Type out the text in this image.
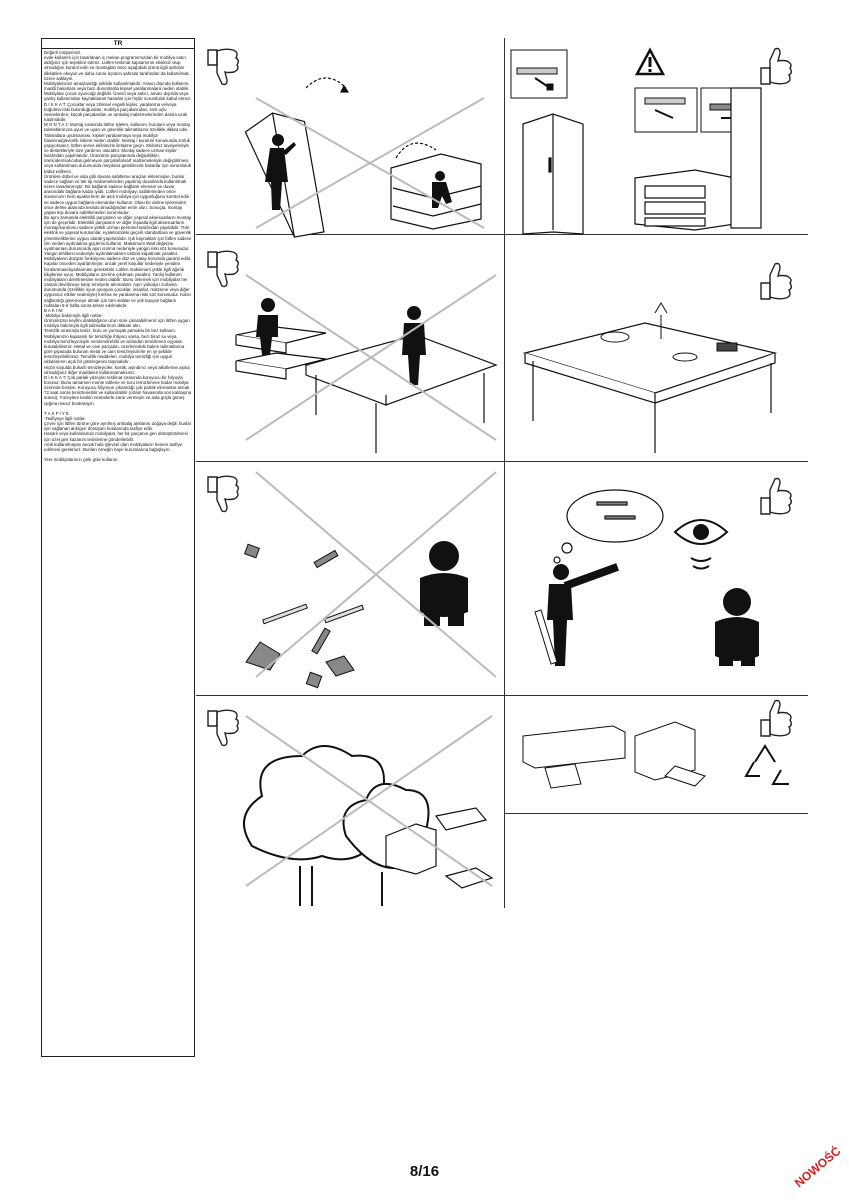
TR

Değerli müşterimiz,

evde kullanım için tasarlanan iç mekan programımızdan bir mobilya satın aldığınız için teşekkür ederiz. Lütfen teslimat kapsamının eksiksiz olup olmadığını kontrol edin ve montajdan önce aşağıdaki ürünü ilgili şahıslar dikkatlice okuyun ve daha sonra üçüncü şahıslar tarafından da kullanılmak üzere saklayın.

Mobilyalarımız amaçlandığı şekilde kullanılmalıdır. Amacı dışında kullanım, maddi hasarlara veya bazı durumlarda kişisel yaralanmalara neden olabilir. Mobilyalar çocuk oyuncağı değildir. Üretici veya satıcı, amacı dışında veya yanlış kullanımdan kaynaklanan hasarlar için hiçbir sorumluluk kabul etmez.

D İ K K A T: Çocuklar veya zihinsel engelli kişiler, yaralanma ve/veya boğulma riski bulunduğundan, mobilya parçalarından, sivri uçlu nesnelerden, küçük parçalardan ve ambalaj malzemelerinden daima uzak tutulmalıdır.

M O N T A J: Montaj sırasında lütfen işletim, kullanım, kurulum veya montaj talimatlarımıza uyun ve uyarı ve güvenlik talimatlarına özellikle dikkat edin. Talimatlara uyulmaması, kişisel yaralanmaya veya mobilya hasarına/güvenlik riskine neden olabilir. Montaj / kurulum konusunda zorluk yaşıyorsanız, lütfen servis ekibimizle iletişime geçin. Ekibimiz tavsiyeleriyle ve destekleriyle size yardımcı olacaktır. Montaj sadece uzman kişiler tarafından yapılmalıdır. Ürün/ürün parçalarında değişiklikler, üreticiden/satıcıdan gelmeyen parçalarla/sarf malzemeleriyle değiştirilmesi veya kullanılması durumunda meydana gelebilecek hasarlar için sorumluluk kabul edilmez.

Ürünlere dübel ve vida gibi duvara sabitleme araçları eklenmişse, bunlar sadece sağlam ve tek tip malzemelerden yapılmış duvarlarda kullanılmak üzere tasarlanmıştır. Bir bağlantı sadece bağlantı elemanı ve duvar arasındaki bağlantı kadar iyidir. Lütfen mobilyayı sabitlemeden önce duvarınızın hem ayakta hem de asılı mobilya için uygunluğunu kontrol edin ve sadece uygun bağlantı elemanları kullanın. Olası bir delme işleminden önce delme alanında tesisat olmadığından emin olun. Sonuçta, montajı yapan kişi duvara sabitlemeden sorumludur.

Bu aynı zamanda elektrikli parçaların ve diğer yapısal aksesuarların montajı için de geçerlidir. Elektrikli parçaların ve diğer inşaatla ilgili aksesuarların montajı/kurulumu sadece yetkili uzman personel tarafından yapılabilir. Tüm elektrik ve yapısal kurulumlar, eyaletinizdeki geçerli standartlara ve güvenlik yönetmeliklerine uygun olarak yapılmalıdır. Işık kaynakları için lütfen sadece izin verilen aydınlatma güçlerini kullanın. Maksimum Watt değerine uyulmaması durumunda aşırı ısınma nedeniyle yangın riski söz konusudur. Yangın tehlikesi nedeniyle aydınlatmaların üstünü kapatmak yasaktır.

Mobilyaların düzgün fonksiyonu sadece düz ve yatay korumda garanti edilir. Kapılar önceden ayarlanmıştır, ancak yerel koşullar nedeniyle yeniden hizalanması/ayarlanması gerekebilir. Lütfen maksimum yükle ilgili ağırlık bilgilerine uyun. Mobilyaların üzerine çıkılması yasaktır. Yanlış kullanım mobilyaların devrilmesine neden olabilir. Bunu önlemek için mobilyalar her zaman devrilmeye karşı emniyete alınmalıdır. Aşırı yük/aşırı zorlama durumunda (özellikle oyun oynayan çocuklar, insanlar, malzeme veya diğer uygunsuz etkiler nedeniyle) kırılma ve yaralanma riski söz konusudur. Kalıcı sağlamlığı güvenceye almak için tüm vidalar ve yük taşıyan bağlantı noktaları 5-6 hafta sonra tekrar sıkılmalıdır.

B A K I M:

-Mobilya bakımıyla ilgili notlar-

Ürününüzün keyfini olabildiğince uzun süre çıkarabilmeniz için lütfen uygun mobilya bakımıyla ilgili talimatlarımızı dikkate alın.

Temizlik sırasında temiz, kuru ve yumuşak pamuklu bir bez kullanın. Mobilyanızın kapsamlı bir temizliğe ihtiyacı varsa, bezi biraz su veya mobilya temizleyicisiyle nemlendirebilir ve ardından temizlenen eşyaları kurutabilirsiniz. Metal ve cam parçaları, üzerlerindeki bakım talimatlarına göre piyasada bulunan metal ve cam temizleyicilerle en iyi şekilde temizleyebilirsiniz. Temizlik maddeleri, mobilya temizliği için uygun olduklarının açık bir göstergesini taşımalıdır.

Hiçbir koşulda buharlı temizleyiciler, kostik, aşındırıcı veya alkollerine aşina olmadığınız diğer maddeleri kullanmamalısınız.

D İ K K A T: Çok parlak yüzeyler teslimat sırasında koruyucu bir folyoyla korunur. Bunu tamamen monte edilene ve tozu temizlenene kadar mobilya üzerinde bırakın. Koruyucu folyonun çıkarıldığı çok parlak elemanlar ancak 72 saat sonra temizlenebilir ve kullanılabilir (ortam havasında son katılaşma süresi). Yüzeylere keskin nesnelerle zarar vermeyin ve asla güçlü güneş ışığına maruz bırakmayın.

T A S F İ Y E

-Tasfiyeye ilgili notlar-

Çevre için lütfen türüne göre ayrılmış ambalaj atıklarını doğaya değil, bunlar için sağlanan atık/geri dönüşüm kutularında tasfiye edin.

Hasarlı veya kullanılamaz mobilyalar, her bir parçanın geri dönüştürülmesi için özel geri kazanım tesislerine gönderilebilir.

Artık kullanılmayan ancak hala işlevsel olan mobilyaların hemen tasfiye edilmesi gerekmez. Bunları örneğin hayır kurumlarına bağışlayın.

Yeni mobilyalarınızı güle güle kullanın.

8/16	NOWOŚĆ
